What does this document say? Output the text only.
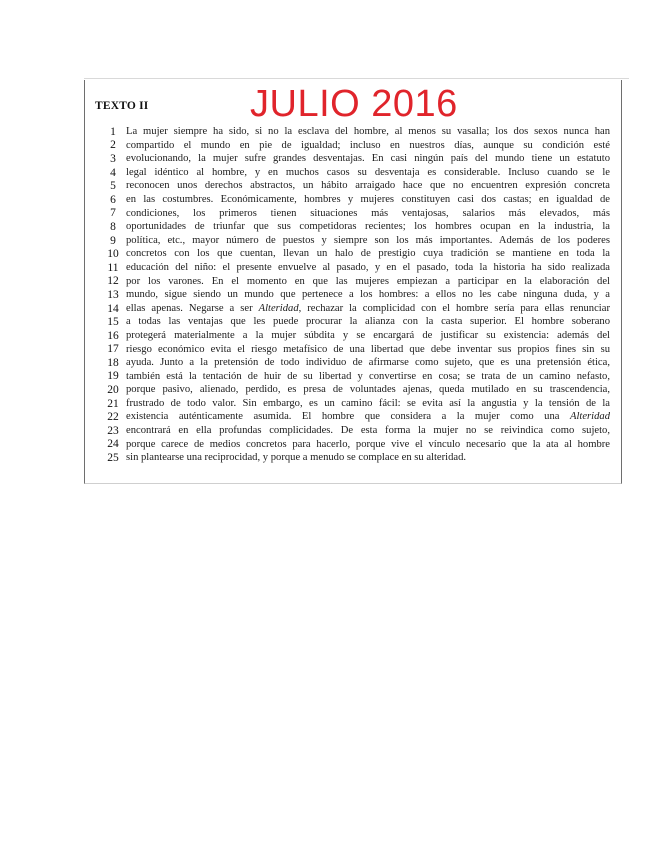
TEXTO II	JULIO 2016
1 La mujer siempre ha sido, si no la esclava del hombre, al menos su vasalla; los dos sexos nunca han
2 compartido el mundo en pie de igualdad; incluso en nuestros días, aunque su condición esté
3 evolucionando, la mujer sufre grandes desventajas. En casi ningún país del mundo tiene un estatuto
4 legal idéntico al hombre, y en muchos casos su desventaja es considerable. Incluso cuando se le
5 reconocen unos derechos abstractos, un hábito arraigado hace que no encuentren expresión concreta
6 en las costumbres. Económicamente, hombres y mujeres constituyen casi dos castas; en igualdad de
7 condiciones, los primeros tienen situaciones más ventajosas, salarios más elevados, más
8 oportunidades de triunfar que sus competidoras recientes; los hombres ocupan en la industria, la
9 política, etc., mayor número de puestos y siempre son los más importantes. Además de los poderes
10 concretos con los que cuentan, llevan un halo de prestigio cuya tradición se mantiene en toda la
11 educación del niño: el presente envuelve al pasado, y en el pasado, toda la historia ha sido realizada
12 por los varones. En el momento en que las mujeres empiezan a participar en la elaboración del
13 mundo, sigue siendo un mundo que pertenece a los hombres: a ellos no les cabe ninguna duda, y a
14 ellas apenas. Negarse a ser Alteridad, rechazar la complicidad con el hombre sería para ellas renunciar
15 a todas las ventajas que les puede procurar la alianza con la casta superior. El hombre soberano
16 protegerá materialmente a la mujer súbdita y se encargará de justificar su existencia: además del
17 riesgo económico evita el riesgo metafísico de una libertad que debe inventar sus propios fines sin su
18 ayuda. Junto a la pretensión de todo individuo de afirmarse como sujeto, que es una pretensión ética,
19 también está la tentación de huir de su libertad y convertirse en cosa; se trata de un camino nefasto,
20 porque pasivo, alienado, perdido, es presa de voluntades ajenas, queda mutilado en su trascendencia,
21 frustrado de todo valor. Sin embargo, es un camino fácil: se evita así la angustia y la tensión de la
22 existencia auténticamente asumida. El hombre que considera a la mujer como una Alteridad
23 encontrará en ella profundas complicidades. De esta forma la mujer no se reivindica como sujeto,
24 porque carece de medios concretos para hacerlo, porque vive el vínculo necesario que la ata al hombre
25 sin plantearse una reciprocidad, y porque a menudo se complace en su alteridad.
